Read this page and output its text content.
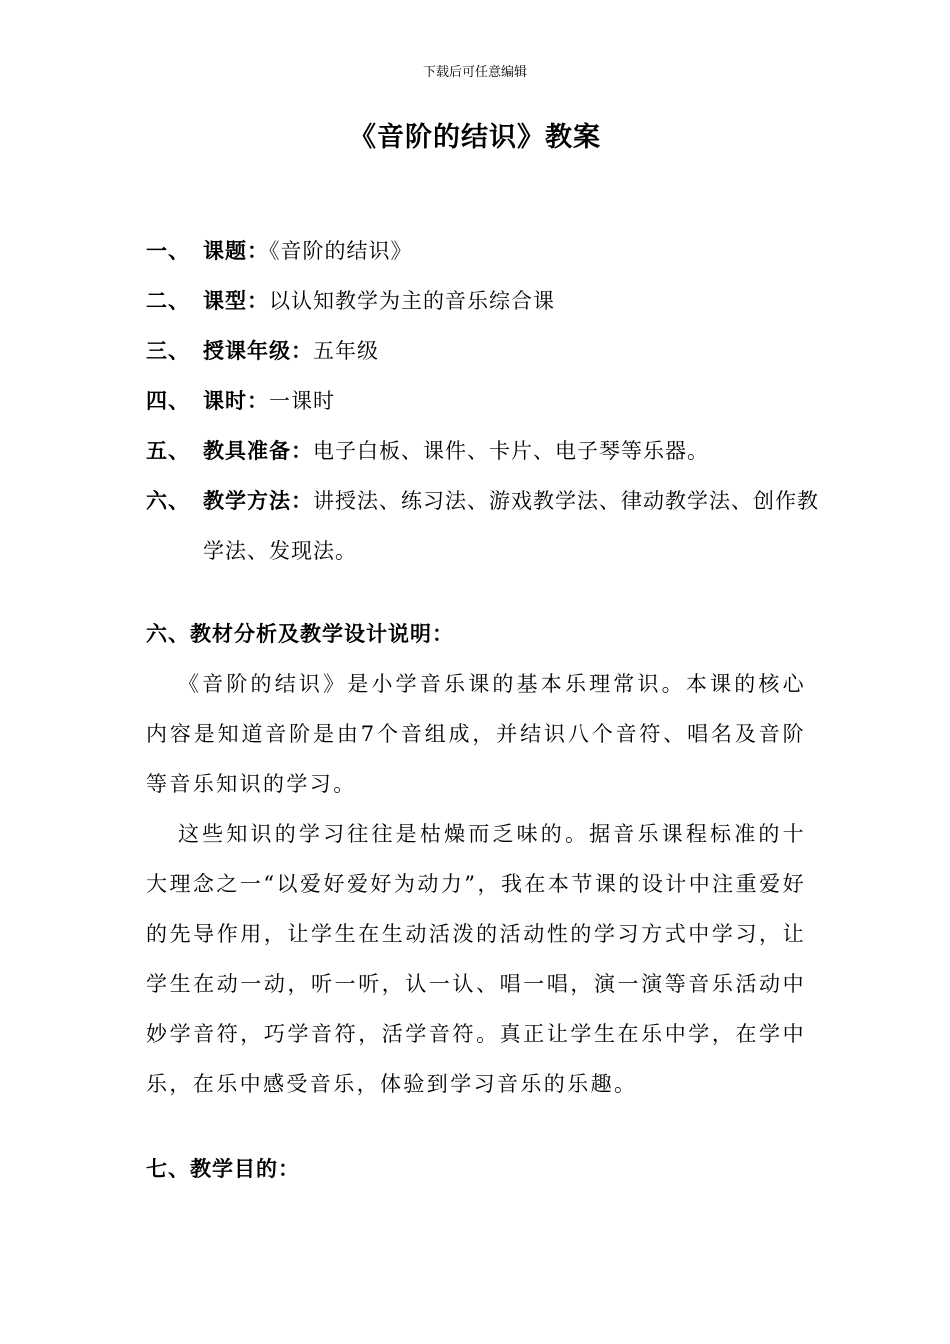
下载后可任意编辑
《音阶的结识》教案
一、 课题：《音阶的结识》
二、 课型：以认知教学为主的音乐综合课
三、 授课年级：五年级
四、 课时：一课时
五、 教具准备：电子白板、课件、卡片、电子琴等乐器。
六、 教学方法：讲授法、练习法、游戏教学法、律动教学法、创作教学法、发现法。
六、教材分析及教学设计说明：

《音阶的结识》是小学音乐课的基本乐理常识。本课的核心内容是知道音阶是由7个音组成，并结识八个音符、唱名及音阶等音乐知识的学习。

这些知识的学习往往是枯燥而乏味的。据音乐课程标准的十大理念之一“以爱好爱好为动力”，我在本节课的设计中注重爱好的先导作用，让学生在生动活泼的活动性的学习方式中学习，让学生在动一动，听一听，认一认、唱一唱，演一演等音乐活动中妙学音符，巧学音符，活学音符。真正让学生在乐中学，在学中乐，在乐中感受音乐，体验到学习音乐的乐趣。

七、教学目的：
